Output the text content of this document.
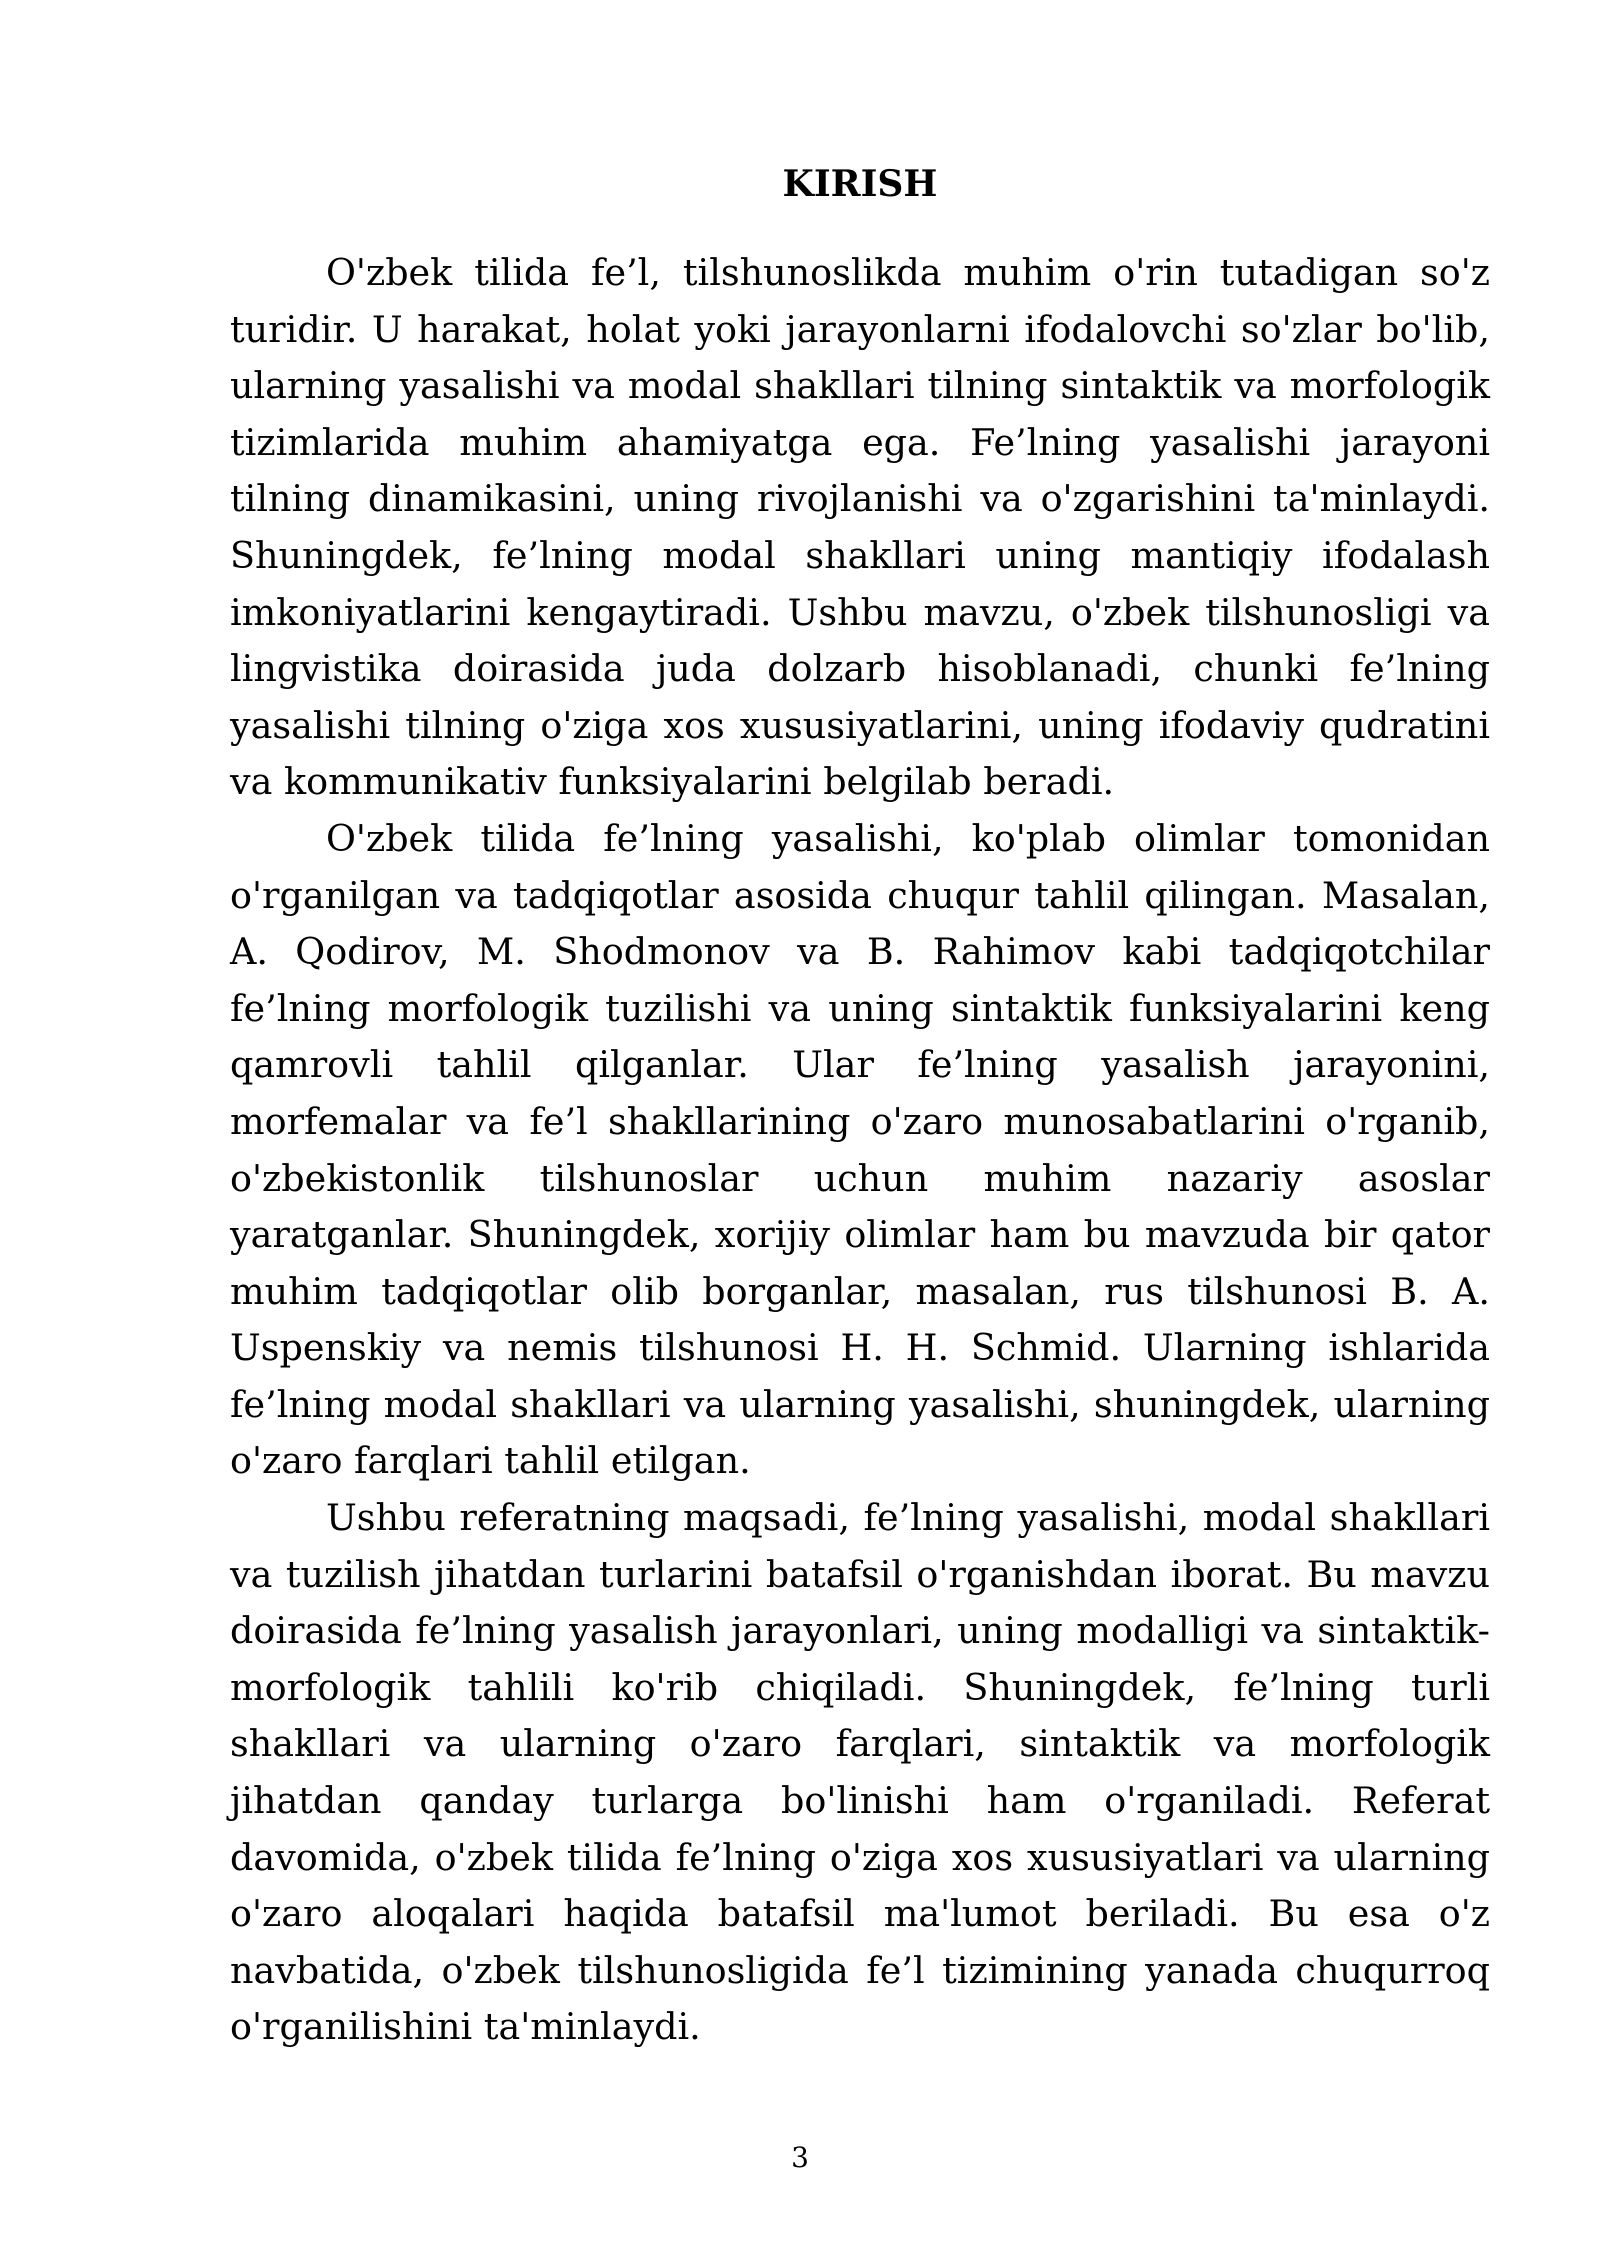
KIRISH

O'zbek tilida fe’l, tilshunoslikda muhim o'rin tutadigan so'z turidir. U harakat, holat yoki jarayonlarni ifodalovchi so'zlar bo'lib, ularning yasalishi va modal shakllari tilning sintaktik va morfologik tizimlarida muhim ahamiyatga ega. Fe’lning yasalishi jarayoni tilning dinamikasini, uning rivojlanishi va o'zgarishini ta'minlaydi. Shuningdek, fe’lning modal shakllari uning mantiqiy ifodalash imkoniyatlarini kengaytiradi. Ushbu mavzu, o'zbek tilshunosligi va lingvistika doirasida juda dolzarb hisoblanadi, chunki fe’lning yasalishi tilning o'ziga xos xususiyatlarini, uning ifodaviy qudratini va kommunikativ funksiyalarini belgilab beradi.

O'zbek tilida fe’lning yasalishi, ko'plab olimlar tomonidan o'rganilgan va tadqiqotlar asosida chuqur tahlil qilingan. Masalan, A. Qodirov, M. Shodmonov va B. Rahimov kabi tadqiqotchilar fe’lning morfologik tuzilishi va uning sintaktik funksiyalarini keng qamrovli tahlil qilganlar. Ular fe’lning yasalish jarayonini, morfemalar va fe’l shakllarining o'zaro munosabatlarini o'rganib, o'zbekistonlik tilshunoslar uchun muhim nazariy asoslar yaratganlar. Shuningdek, xorijiy olimlar ham bu mavzuda bir qator muhim tadqiqotlar olib borganlar, masalan, rus tilshunosi B. A. Uspenskiy va nemis tilshunosi H. H. Schmid. Ularning ishlarida fe’lning modal shakllari va ularning yasalishi, shuningdek, ularning o'zaro farqlari tahlil etilgan.

Ushbu referatning maqsadi, fe’lning yasalishi, modal shakllari va tuzilish jihatdan turlarini batafsil o'rganishdan iborat. Bu mavzu doirasida fe’lning yasalish jarayonlari, uning modalligi va sintaktik-morfologik tahlili ko'rib chiqiladi. Shuningdek, fe’lning turli shakllari va ularning o'zaro farqlari, sintaktik va morfologik jihatdan qanday turlarga bo'linishi ham o'rganiladi. Referat davomida, o'zbek tilida fe’lning o'ziga xos xususiyatlari va ularning o'zaro aloqalari haqida batafsil ma'lumot beriladi. Bu esa o'z navbatida, o'zbek tilshunosligida fe’l tizimining yanada chuqurroq o'rganilishini ta'minlaydi.

3
